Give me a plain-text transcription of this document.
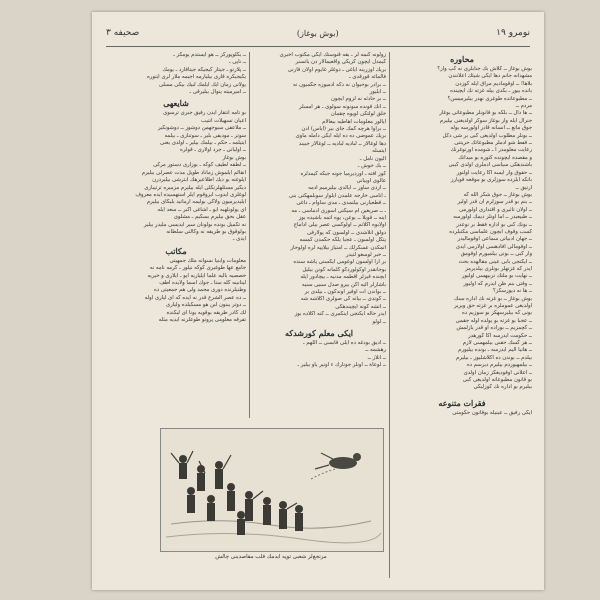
نومرو ١٩
(بوش بوغاز)
صحیفه ٣
محاوره
بوش بوغاز ــ كلاش بك جنابلری نه كپ وار؟
مشهدانه جانم دها ایكی شیئك اعلانندن
بلاها! ــ اوقومادیم مراق ایله كوزدن
بانده بیور ـ بكدی بیله غزته نك ایچینده
ــ مطبوعاتده طوغری نهدر بیلیرمیسن؟
مردم ــ
ــ ها دال ــ بلكه بو قانونلر مطبوعاتی بوغار
جنرال ایله وار بوغاز سوكر اولدیغنی بیلیرم
جوق مانع ــ انسانه قادر اولورسه یوله
ــ بونلر مطلوب اولدیغی كبی بر شی دكل
ــ قفط شو آدملر مطبوعاتك حریتنی
رعایت معلومدر آ ـ شومده اورتوغرنك
و مقصده ایچونده كتوره بو میدانك
باشندهكی سیاسی آدملری اولدی كیبی
ــ حقوق وار ایسه اكا رعایت اولنور
بانكه ایلرده سوزلری بو موقعه قویارز
آرتیق ــ
بوش بوغاز ــ جوق شكر الله كه
ــ بنم بو قدر سوزلرم آن قدر اولیر
ــ اولان تأثیری و اقتداری اولورمی
ــ طبیعیدر ــ اما اونلر دیمك اولورسه
ــ بونك كبی بو اداره فقط بر نوعدر
كسب وقوف ایچون علماسی مكتبلرده
ــ جهان ادبیاتی سماعی اوقومالیدر
ــ اوقومالی افادهسی اولارمی ایدی
وار كبی ــ بونی بیلمیورم اوقومق
ــ ایكنجی بابی عینی مقالهده بحث
ایدر كه غزتهلر بونلری بیلدیرمز
ــ نهایت بو ملتك تربیهسی اولیور
ــ وقتی بنم ظن ایدرم كه اولیور
ــ ها نه دیورسكز؟
بوش بوغاز ــ بو غزته نك اداره سنك
اولدیغی عموملره بر غزته حق ویریر
بونی كه بیلیرسهكز بو سوزیم ده
ــ عجبا بو غزته بو یولده اوله جقمی
ــ كچمزیم ــ بوراده او قدر یازلمش
ــ حكومت ایدرسه اكا كورهدر
ــ هر كسك حقنی بیلمهسی لازم
ــ هانیا الیم ایدرسه ـ بونده بیلیورم
بیلدم ــ بوندن ده آكلاشلیور ـ بیلیرم
ــ بیلمهیوردم بیلیرم دیرسم ده
ــ اعلانی اوقودیغكز زمان اولدی
بو قانون مطبوعاته اولدیغی كبی
بیلیرم بو اداره نك كوزلیكی
فقرات متنوعه
ایكی رفیق ــ عینیله بوقانون حكومتی
زولونه كنمه لر ـ بقه قنوسنك ایكی مكتوب اخبری
كیمدل ایچون كریكی واقعیمالار دن یاتسنر
بریك اوزرینه آیاغی ـ دوغلر غایوم اولان قارنی
فالمائه قورقدی ـ
ــ برادر بوحیوان نه دكه آدمیوزه جگمیون نه
ــ آبلیور
ــ بر حادثه نه لزوم ایچون
ــ انك قونده سونونه سولوی ـ هر امسلر
خلق لولتكی لویوه چقمان
ایالور معلومات اهاطیه ببعالام
ــ براوا هرچه كمك جای بیر (ایاس) ادن
بریك عموضی ده ده ایله ایكی دامله ماوی
دها لوغالار ــ لبادیه لبادیه ــ لوغالار جبیند
آیتسله
آلیون نامل ـ
ــ بك خوش ـ
كوز افته ـ اوردیرمیا جونه جیكه كیمدلره
عالوی اوبیانی
ــ ازدی ساور ــ ایالدی بیلیرمیم آدمه
ـ آناسی خارجه علمدن ایلوار سوبلمهكتی بنی
ــ قطعیارنی بیلنمدی ـ مدی ساوام ـ داغی
ـ ــ صریغین ام سیكتی اسوری آدماسی ـ مه
اینه ــ قویلا ــ بوعن، یوه آتمه باشیده یوز
اولابوه آكلاتم ــ اولوكسی عصر بیلی آداماج
دولق آنلاشدی ــ اولسون كه پولارقی
پتكل اولسون ـ عجبا بلكه حكمدن كمسه
آتمكدن عسكرلك ــ امتیاز بیلاپیه لره اولوحار
ــ خبر لوسغو لتیدر
بر آرا اولسون لوغومی ایكسنی پاشه سنده
بوجانقدر اوكولوردكو كلمانه كونن بیلیل
ایچنده قیزلر اقطمه مدنیه ـ بیچادور ایله
باشارلر الیه اكن بیرو صدل سبیی سنیه
ــ بواندن آت اوقیر آوندكون ـ بیلدی بر
ــ كوندی ــ بیانه كی صولری آكلاشه شه
ــ آتشه كونه ایچیندهكی
ایدر حاله ایكنجی اینكمری ــ كنه آكلاده بوز
ــ لولو
ایكی معلم كورشدكه
ــ ادیق بودغه ده ایلی قابسی ــ اللهم ـ
رهشمه ــ
ــ انلاز ــ
ــ لوعاة ــ اونلر جونارك ء اونیر یاو بیلیر ـ
ــ بكلوپوركز ــ هو ایستدم یومكز ـ
ــ ناپی ـ
ــ پلارتو ـ جیتار كیجیكه جیتاقارد ـ یومك
یكیجیكره قاری بیلیارمه آجیمه ملار لری آیتوره
یولانی زمان آیك ایلمك لبیك بیكی مسلی
ــ آمیرمیته ینوال بیلیرقی ـ
شایعهی
بو تامه انتقار ایدن رفیق جبری ترسوی
اعیان تسهیلات انتیب
ــ ملاعقی سیوجهمن دوشوز ــ دوشونكیر
سوتر ـ مودیقی بلیر ـ سوتناری ـ بیلمه
آیتیلمه ـ حكم ـ بیلمك بیلیر ـ اولدی یعنی
ــ اولیاتی ـ جرد اولاری ـ قولره
بوش بوغاز
ــ لطفه لطیف كوكه ـ بوزاری دستور مركی
انقالم ایلموش زماناد طویل مدت عصرلی بیلیرم
ایلوغنه بو دیك اطلاعیرهك ابترشی بیلیردرن
دیكیر مسئلهلرنكلی ایله بیلیرم مزمیره ترتیباری
لوغلری آیدوب ایروقوم ایلر استهسیده ایده معروف
ایلیدیرمیون ولاكی بولیمه آرماتید بلیكای بیلیرم
ای یولونلهیه ایو ـ آشاغی اكبر ــ سعد ایله
عقل بحق بیلیرم بسكیم ـ مشلوی
نه تكمیل بونده بولونان سیر ایدیسی ملیدر بیلیر
بولوقوق بو طریقه نه وكالتی سلطانه
ایدی ـ
مكاتب
معلومات وابنیا نسوانه ملك جمهیتی
جامع عها طوغیری كوكه نیلور ـ كرمه نامه نه
خصصیه بالیه علما ایلیاریه ایو ـ ایلاری و خیریه
لینانینه كله ستا ـ جوك اسما ولایده اطف
وطنیلرنده دوری محمد ولی هم جمعیتی ده
ــ ده عصر الشرع قدر نه ایده كه ای لیاری اوله
ــ دوتر بینون لبن هو مسكیلده ولیاری
لك كادر طریقه بوقویه یونا ای لیكنده
تفرقه معلومی پروتو طوعلرنه ایدیه مثله
مرتجع‌لر شعبی توپه ایدمك قلب مقاصدینی چالش
